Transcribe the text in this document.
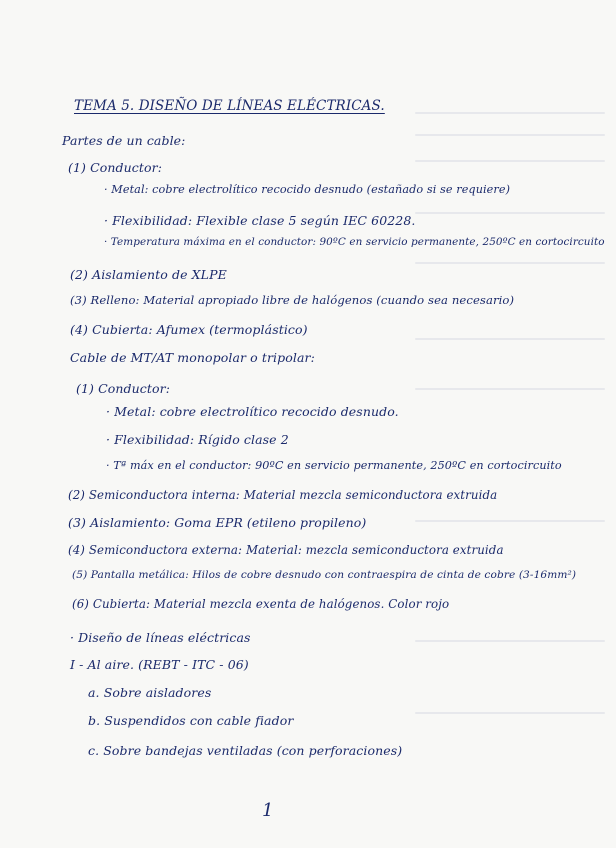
TEMA 5. DISEÑO DE LÍNEAS ELÉCTRICAS.
Partes de un cable:
(1) Conductor:
· Metal: cobre electrolítico recocido desnudo (estañado si se requiere)
· Flexibilidad: Flexible clase 5 según IEC 60228.
· Temperatura máxima en el conductor: 90ºC en servicio permanente, 250ºC en cortocircuito
(2) Aislamiento de XLPE
(3) Relleno: Material apropiado libre de halógenos (cuando sea necesario)
(4) Cubierta: Afumex (termoplástico)
Cable de MT/AT monopolar o tripolar:
(1) Conductor:
· Metal: cobre electrolítico recocido desnudo.
· Flexibilidad: Rígido clase 2
· Tª máx en el conductor: 90ºC en servicio permanente, 250ºC en cortocircuito
(2) Semiconductora interna: Material mezcla semiconductora extruida
(3) Aislamiento: Goma EPR (etileno propileno)
(4) Semiconductora externa: Material: mezcla semiconductora extruida
(5) Pantalla metálica: Hilos de cobre desnudo con contraespira de cinta de cobre (3-16mm²)
(6) Cubierta: Material mezcla exenta de halógenos. Color rojo
· Diseño de líneas eléctricas
I - Al aire. (REBT - ITC - 06)
a. Sobre aisladores
b. Suspendidos con cable fiador
c. Sobre bandejas ventiladas (con perforaciones)
1
